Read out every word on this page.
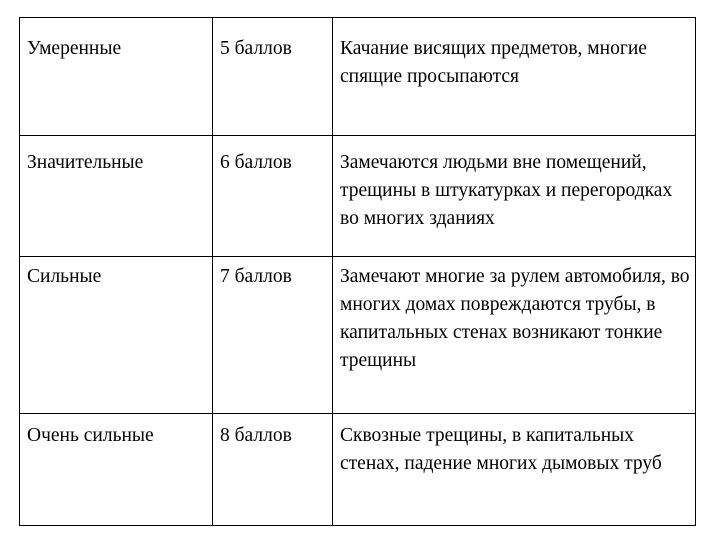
Умеренные	5 баллов	Качание висящих предметов, многие спящие просыпаются
Значительные	6 баллов	Замечаются людьми вне помещений, трещины в штукатурках и перегородках во многих зданиях
Сильные	7 баллов	Замечают многие за рулем автомобиля, во многих домах повреждаются трубы, в капитальных стенах возникают тонкие трещины
Очень сильные	8 баллов	Сквозные трещины, в капитальных стенах, падение многих дымовых труб
